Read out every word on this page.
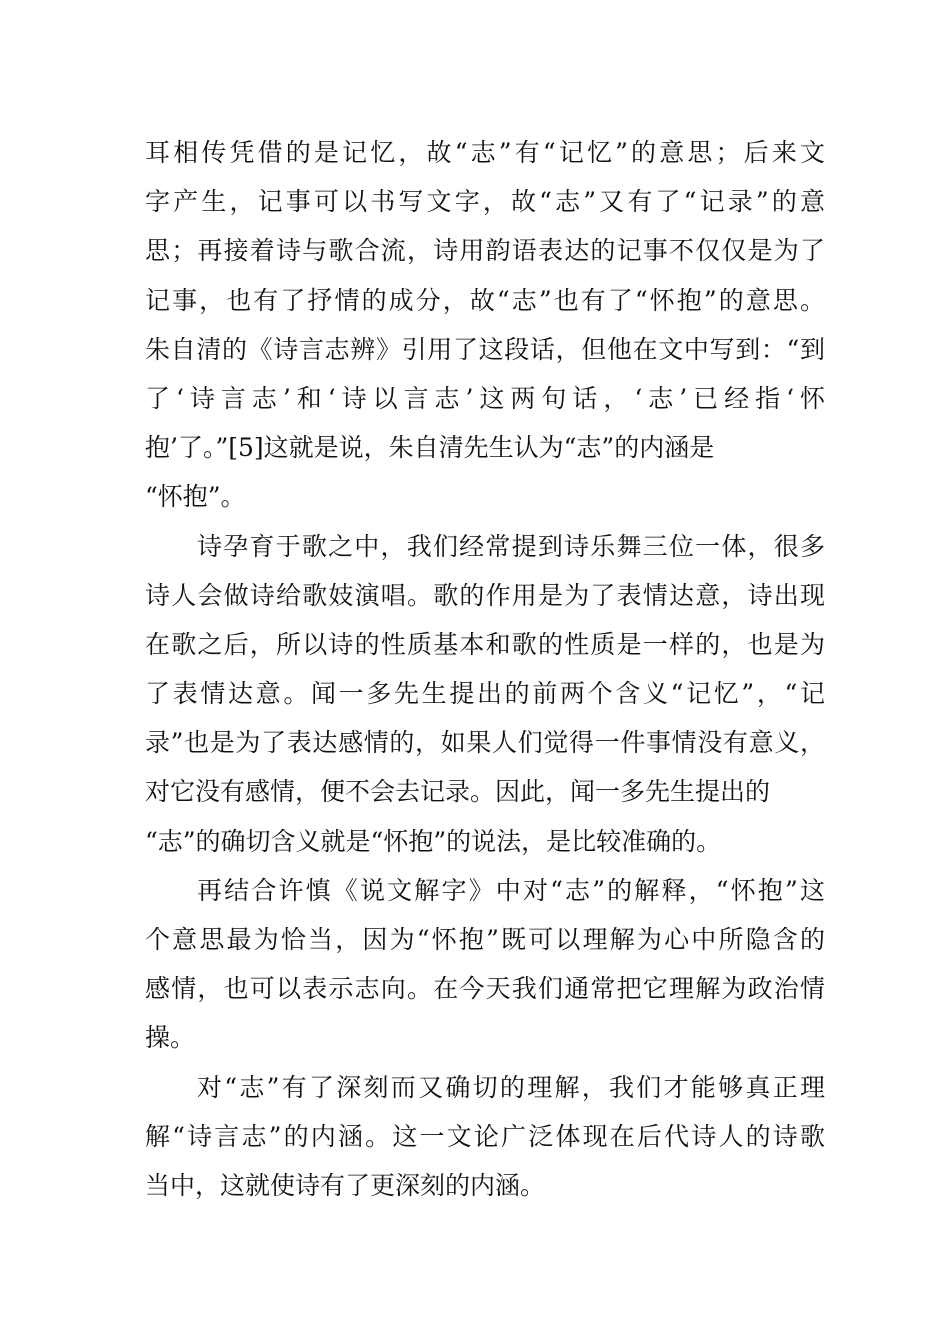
耳相传凭借的是记忆，故“志”有“记忆”的意思；后来文
字产生，记事可以书写文字，故“志”又有了“记录”的意
思；再接着诗与歌合流，诗用韵语表达的记事不仅仅是为了
记事，也有了抒情的成分，故“志”也有了“怀抱”的意思。
朱自清的《诗言志辨》引用了这段话，但他在文中写到：“到
了‘诗言志’和‘诗以言志’这两句话，‘志’已经指‘怀
抱’了。”[5]这就是说，朱自清先生认为“志”的内涵是
“怀抱”。
诗孕育于歌之中，我们经常提到诗乐舞三位一体，很多
诗人会做诗给歌妓演唱。歌的作用是为了表情达意，诗出现
在歌之后，所以诗的性质基本和歌的性质是一样的，也是为
了表情达意。闻一多先生提出的前两个含义“记忆”，“记
录”也是为了表达感情的，如果人们觉得一件事情没有意义，
对它没有感情，便不会去记录。因此，闻一多先生提出的
“志”的确切含义就是“怀抱”的说法，是比较准确的。
再结合许慎《说文解字》中对“志”的解释，“怀抱”这
个意思最为恰当，因为“怀抱”既可以理解为心中所隐含的
感情，也可以表示志向。在今天我们通常把它理解为政治情
操。
对“志”有了深刻而又确切的理解，我们才能够真正理
解“诗言志”的内涵。这一文论广泛体现在后代诗人的诗歌
当中，这就使诗有了更深刻的内涵。
